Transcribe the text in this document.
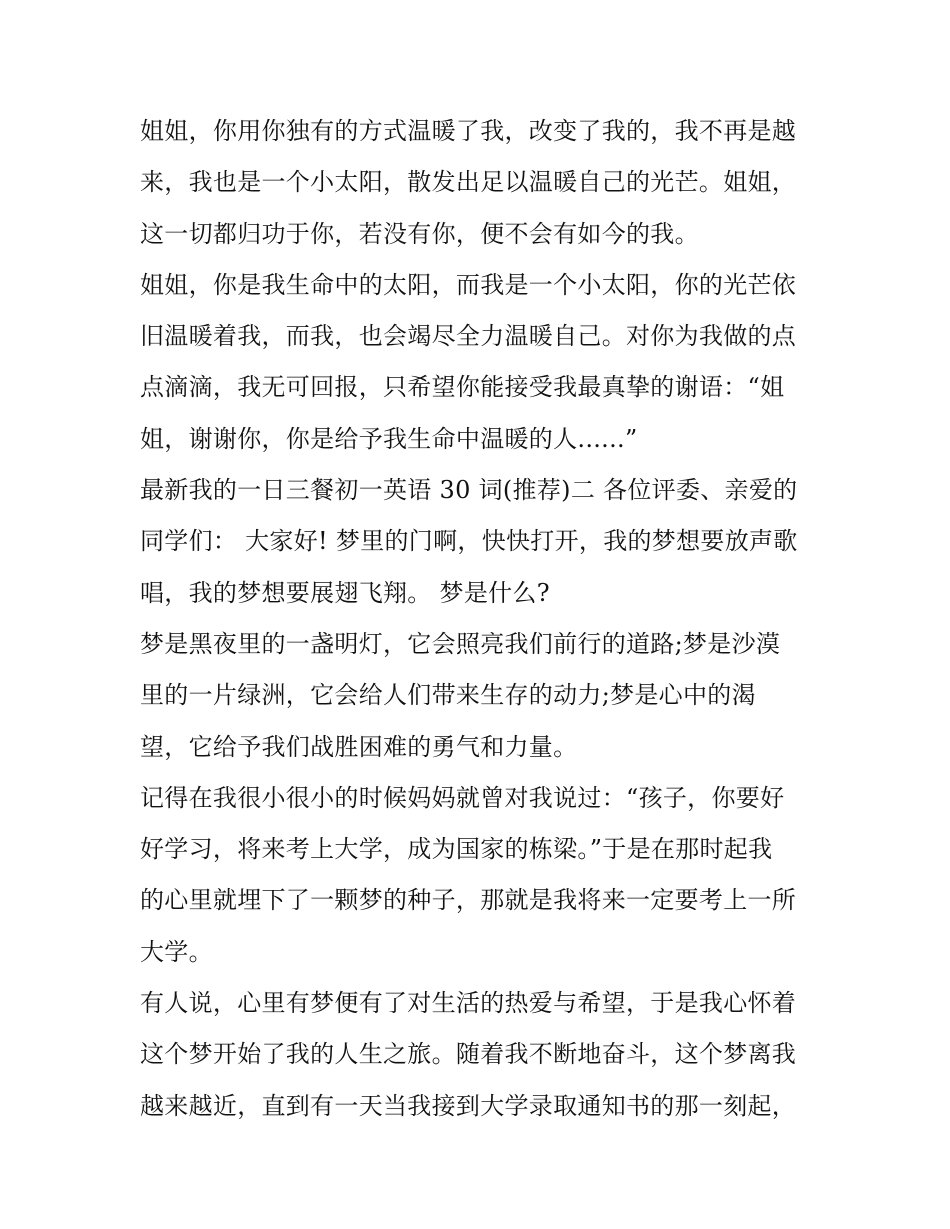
姐姐，你用你独有的方式温暖了我，改变了我的，我不再是越
来，我也是一个小太阳，散发出足以温暖自己的光芒。姐姐，
这一切都归功于你，若没有你，便不会有如今的我。
姐姐，你是我生命中的太阳，而我是一个小太阳，你的光芒依
旧温暖着我，而我，也会竭尽全力温暖自己。对你为我做的点
点滴滴，我无可回报，只希望你能接受我最真挚的谢语：“姐
姐，谢谢你，你是给予我生命中温暖的人......”
最新我的一日三餐初一英语 30 词(推荐)二 各位评委、亲爱的
同学们： 大家好! 梦里的门啊，快快打开，我的梦想要放声歌
唱，我的梦想要展翅飞翔。 梦是什么?
梦是黑夜里的一盏明灯，它会照亮我们前行的道路;梦是沙漠
里的一片绿洲，它会给人们带来生存的动力;梦是心中的渴
望，它给予我们战胜困难的勇气和力量。
记得在我很小很小的时候妈妈就曾对我说过：“孩子，你要好
好学习，将来考上大学，成为国家的栋梁。”于是在那时起我
的心里就埋下了一颗梦的种子，那就是我将来一定要考上一所
大学。
有人说，心里有梦便有了对生活的热爱与希望，于是我心怀着
这个梦开始了我的人生之旅。随着我不断地奋斗，这个梦离我
越来越近，直到有一天当我接到大学录取通知书的那一刻起，
